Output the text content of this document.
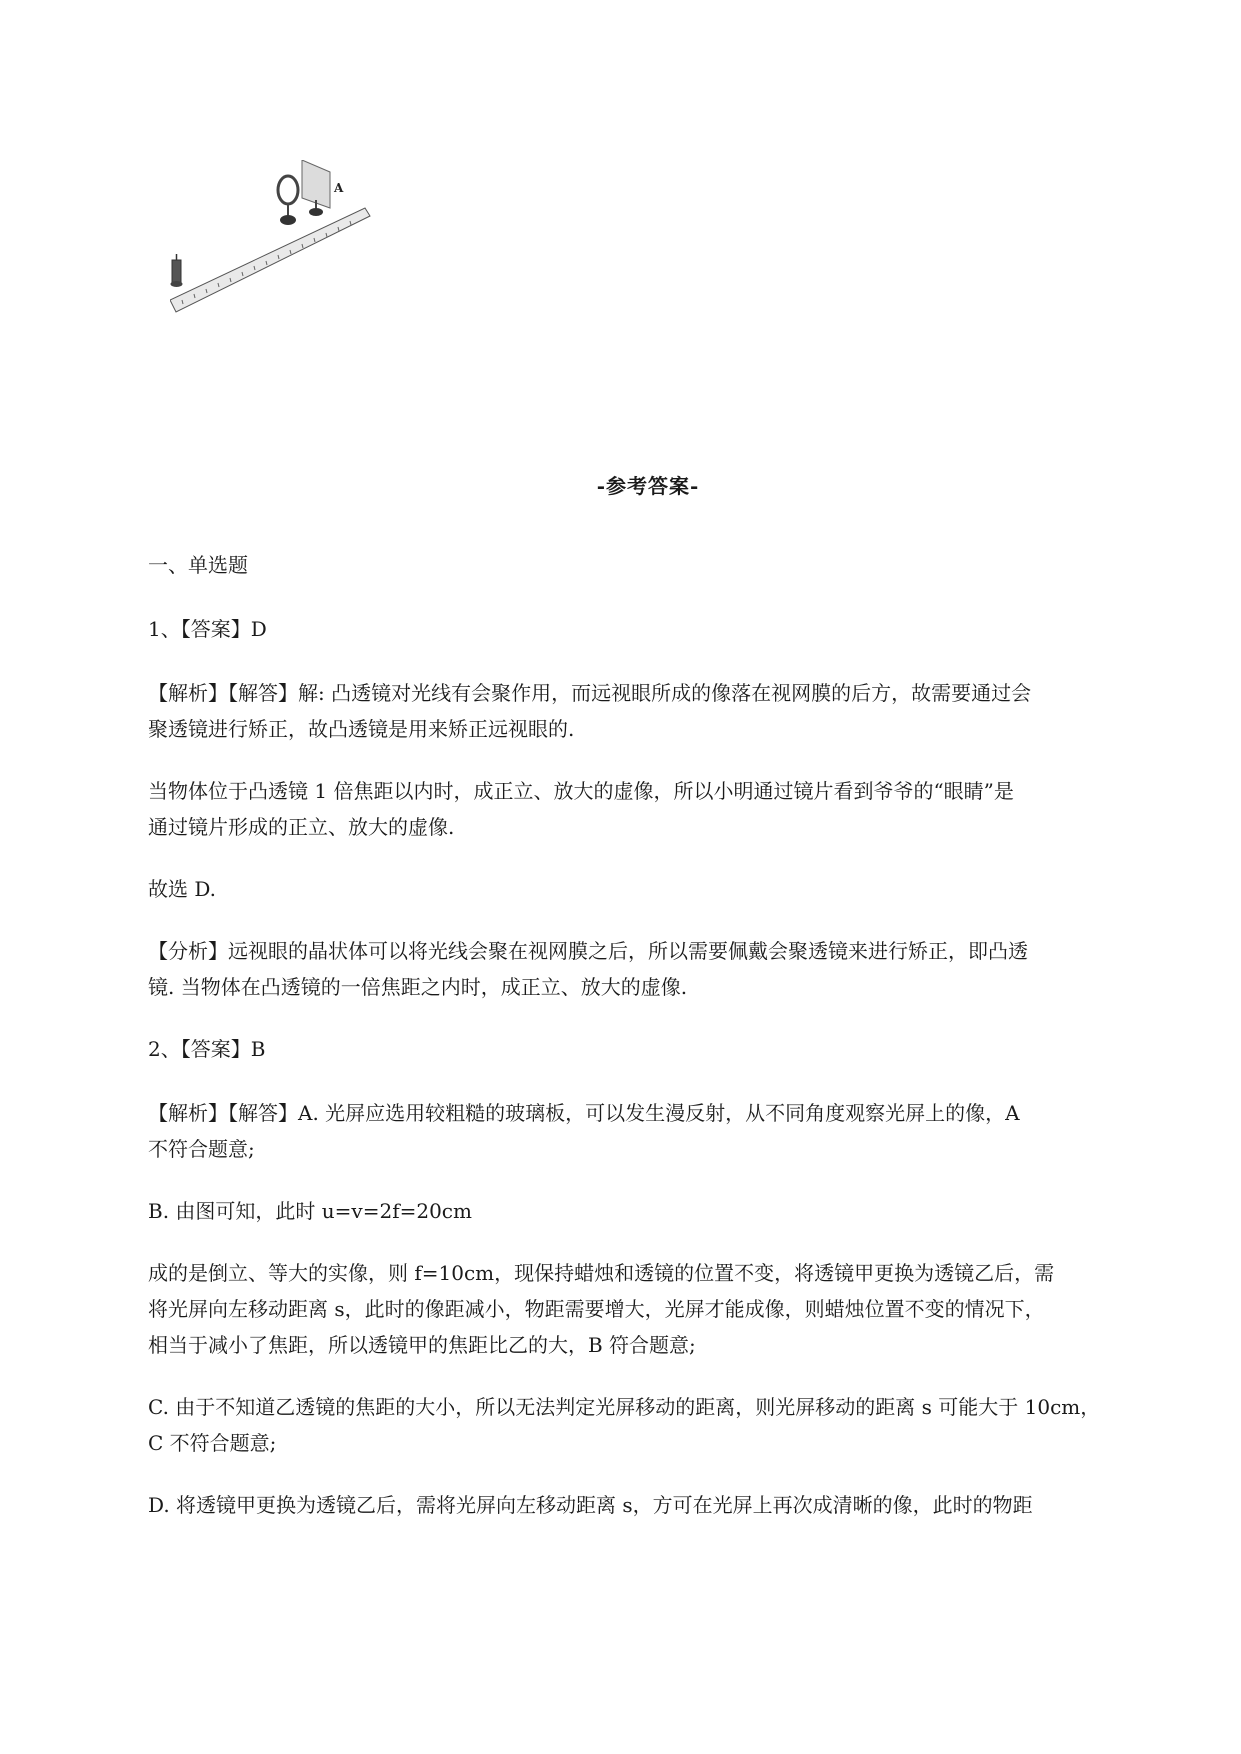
A

-参考答案-

一、单选题

1、【答案】D

【解析】【解答】解: 凸透镜对光线有会聚作用，而远视眼所成的像落在视网膜的后方，故需要通过会

聚透镜进行矫正，故凸透镜是用来矫正远视眼的.

当物体位于凸透镜 1 倍焦距以内时，成正立、放大的虚像，所以小明通过镜片看到爷爷的“眼睛”是

通过镜片形成的正立、放大的虚像.

故选 D.

【分析】远视眼的晶状体可以将光线会聚在视网膜之后，所以需要佩戴会聚透镜来进行矫正，即凸透

镜. 当物体在凸透镜的一倍焦距之内时，成正立、放大的虚像.

2、【答案】B

【解析】【解答】A. 光屏应选用较粗糙的玻璃板，可以发生漫反射，从不同角度观察光屏上的像，A

不符合题意;

B. 由图可知，此时 u=v=2f=20cm

成的是倒立、等大的实像，则 f=10cm，现保持蜡烛和透镜的位置不变，将透镜甲更换为透镜乙后，需

将光屏向左移动距离 s，此时的像距减小，物距需要增大，光屏才能成像，则蜡烛位置不变的情况下，

相当于减小了焦距，所以透镜甲的焦距比乙的大，B 符合题意;

C. 由于不知道乙透镜的焦距的大小，所以无法判定光屏移动的距离，则光屏移动的距离 s 可能大于 10cm，

C 不符合题意;

D. 将透镜甲更换为透镜乙后，需将光屏向左移动距离 s，方可在光屏上再次成清晰的像，此时的物距
